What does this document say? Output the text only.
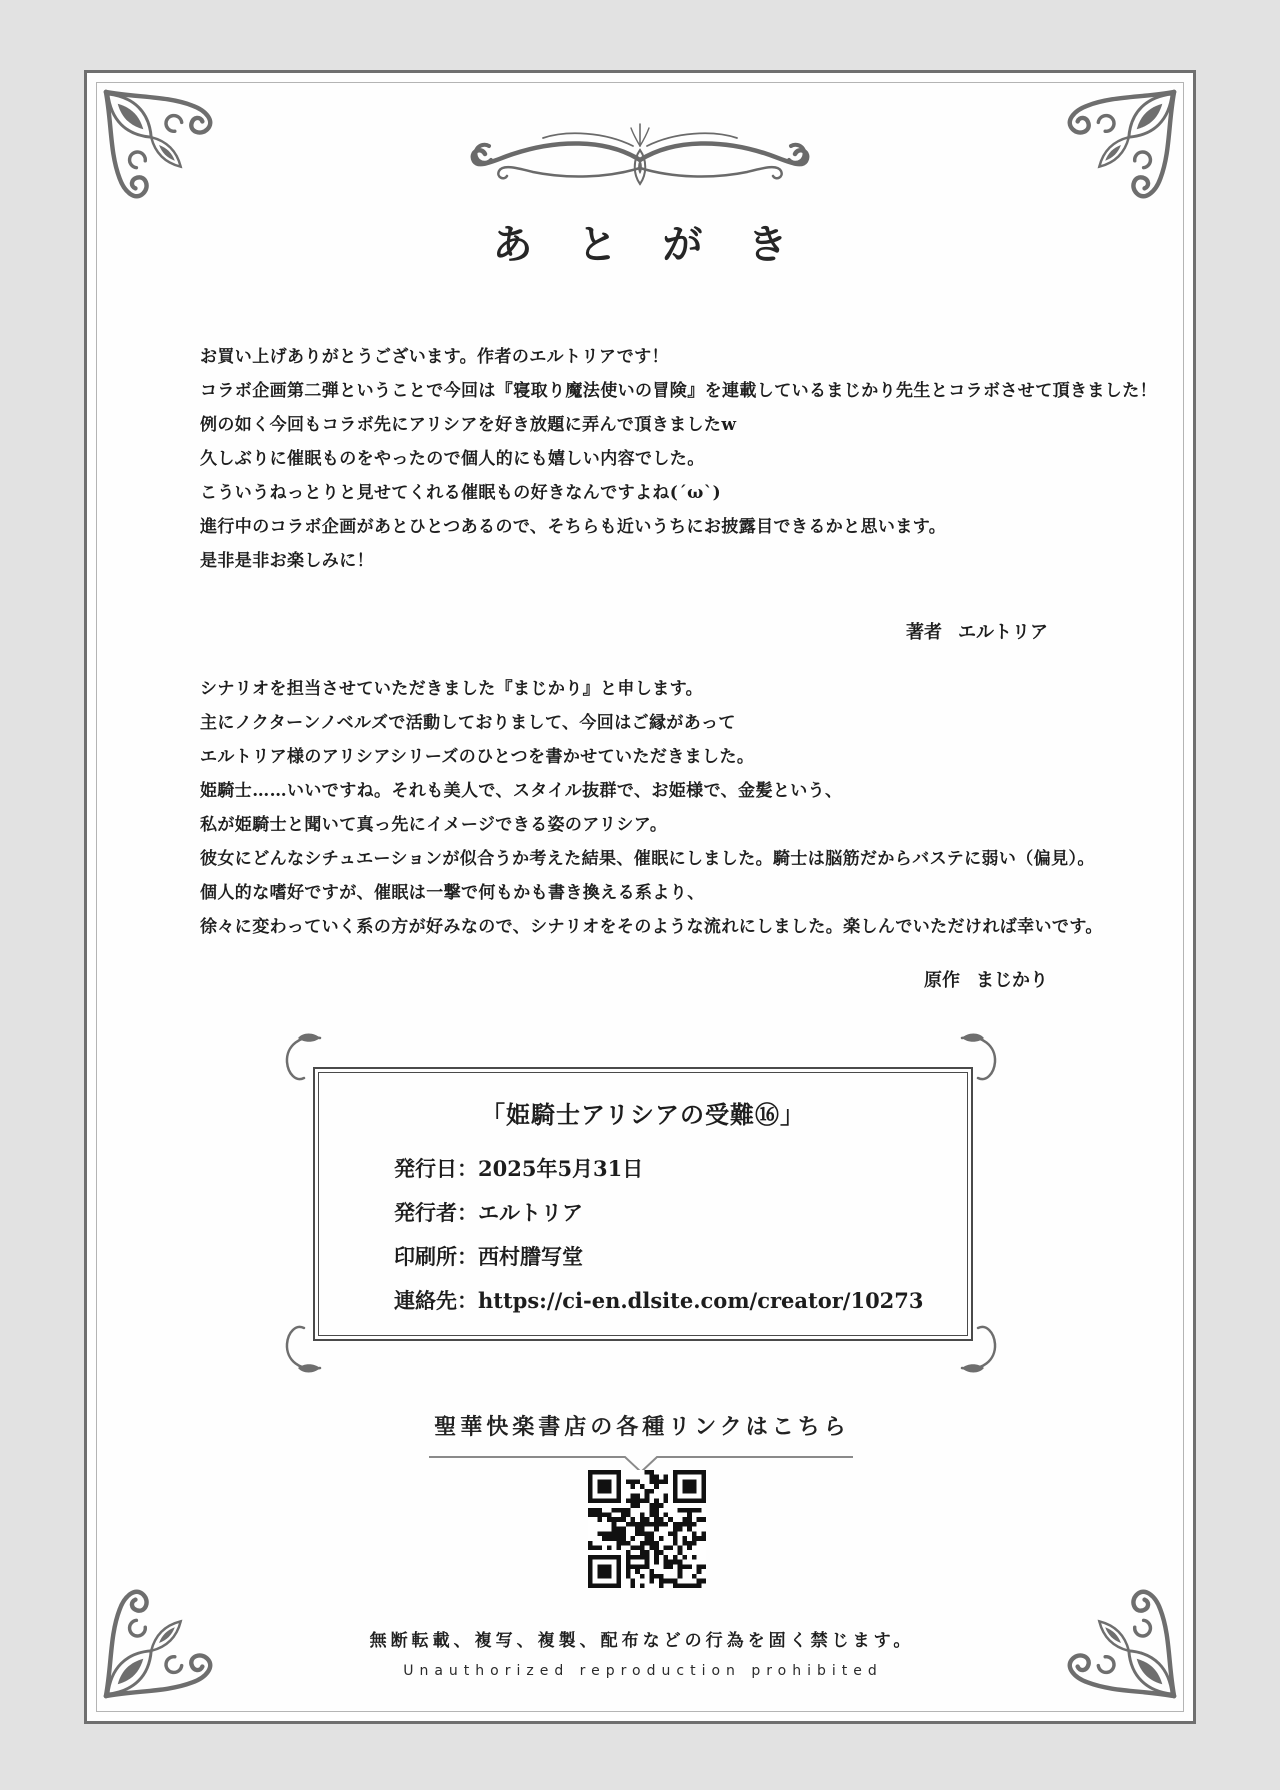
あとがき
お買い上げありがとうございます。作者のエルトリアです！
コラボ企画第二弾ということで今回は『寝取り魔法使いの冒険』を連載しているまじかり先生とコラボさせて頂きました！
例の如く今回もコラボ先にアリシアを好き放題に弄んで頂きましたw
久しぶりに催眠ものをやったので個人的にも嬉しい内容でした。
こういうねっとりと見せてくれる催眠もの好きなんですよね(´ω`)
進行中のコラボ企画があとひとつあるので、そちらも近いうちにお披露目できるかと思います。
是非是非お楽しみに！
著者 エルトリア
シナリオを担当させていただきました『まじかり』と申します。
主にノクターンノベルズで活動しておりまして、今回はご縁があって
エルトリア様のアリシアシリーズのひとつを書かせていただきました。
姫騎士……いいですね。それも美人で、スタイル抜群で、お姫様で、金髪という、
私が姫騎士と聞いて真っ先にイメージできる姿のアリシア。
彼女にどんなシチュエーションが似合うか考えた結果、催眠にしました。騎士は脳筋だからバステに弱い（偏見）。
個人的な嗜好ですが、催眠は一撃で何もかも書き換える系より、
徐々に変わっていく系の方が好みなので、シナリオをそのような流れにしました。楽しんでいただければ幸いです。
原作 まじかり
「姫騎士アリシアの受難⑯」
発行日：2025年5月31日
発行者：エルトリア
印刷所：西村謄写堂
連絡先：https://ci-en.dlsite.com/creator/10273
聖華快楽書店の各種リンクはこちら
無断転載、複写、複製、配布などの行為を固く禁じます。
Unauthorized reproduction prohibited
